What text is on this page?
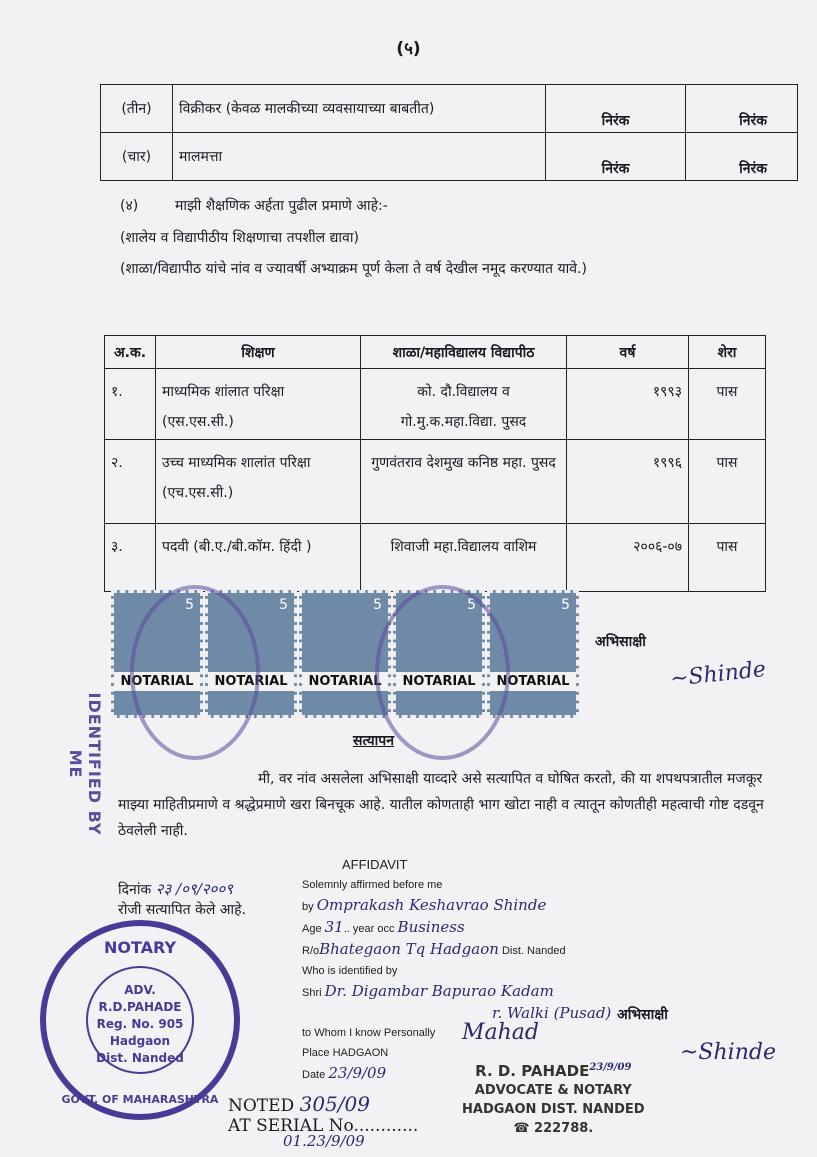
(५)
(तीन)	विक्रीकर (केवळ मालकीच्या व्यवसायाच्या बाबतीत)	निरंक	निरंक
(चार)	मालमत्ता	निरंक	निरंक
(४)	माझी शैक्षणिक अर्हता पुढील प्रमाणे आहे:-
(शालेय व विद्यापीठीय शिक्षणाचा तपशील द्यावा)
(शाळा/विद्यापीठ यांचे नांव व ज्यावर्षी अभ्याक्रम पूर्ण केला ते वर्ष देखील नमूद करण्यात यावे.)
अ.क.	शिक्षण	शाळा/महाविद्यालय विद्यापीठ	वर्ष	शेरा
१.	माध्यमिक शांलात परिक्षा (एस.एस.सी.)	को. दौ.विद्यालय व गो.मु.क.महा.विद्या. पुसद	१९९३	पास
२.	उच्च माध्यमिक शालांत परिक्षा (एच.एस.सी.)	गुणवंतराव देशमुख कनिष्ठ महा. पुसद	१९९६	पास
३.	पदवी (बी.ए./बी.कॉम. हिंदी )	शिवाजी महा.विद्यालय वाशिम	२००६-०७	पास
5
NOTARIAL
5
NOTARIAL
5
NOTARIAL
5
NOTARIAL
5
NOTARIAL
IDENTIFIED BY ME
अभिसाक्षी
~Shinde
सत्यापन
मी, वर नांव असलेला अभिसाक्षी याव्दारे असे सत्यापित व घोषित करतो, की या शपथपत्रातील मजकूर माझ्या माहितीप्रमाणे व श्रद्धेप्रमाणे खरा बिनचूक आहे. यातील कोणताही भाग खोटा नाही व त्यातून कोणतीही महत्वाची गोष्ट दडवून ठेवलेली नाही.
दिनांक २३ /०९/२००९
रोजी सत्यापित केले आहे.
AFFIDAVIT
Solemnly affirmed before me
by Omprakash Keshavrao Shinde
Age 31.. year occ Business
R/oBhategaon Tq Hadgaon Dist. Nanded
Who is identified by
Shri Dr. Digambar Bapurao Kadam
r. Walki (Pusad)
to Whom I know Personally
Place HADGAON
Date 23/9/09
NOTARY
ADV.
R.D.PAHADE
Reg. No. 905
Hadgaon
Dist. Nanded
GOVT. OF MAHARASHTRA
अभिसाक्षी
~Shinde
Mahad
R. D. $PAHADE^{23/9/09}$
ADVOCATE & NOTARY
HADGAON DIST. NANDED
☎ 222788.
NOTED 305/09
AT SERIAL No............
01.23/9/09
